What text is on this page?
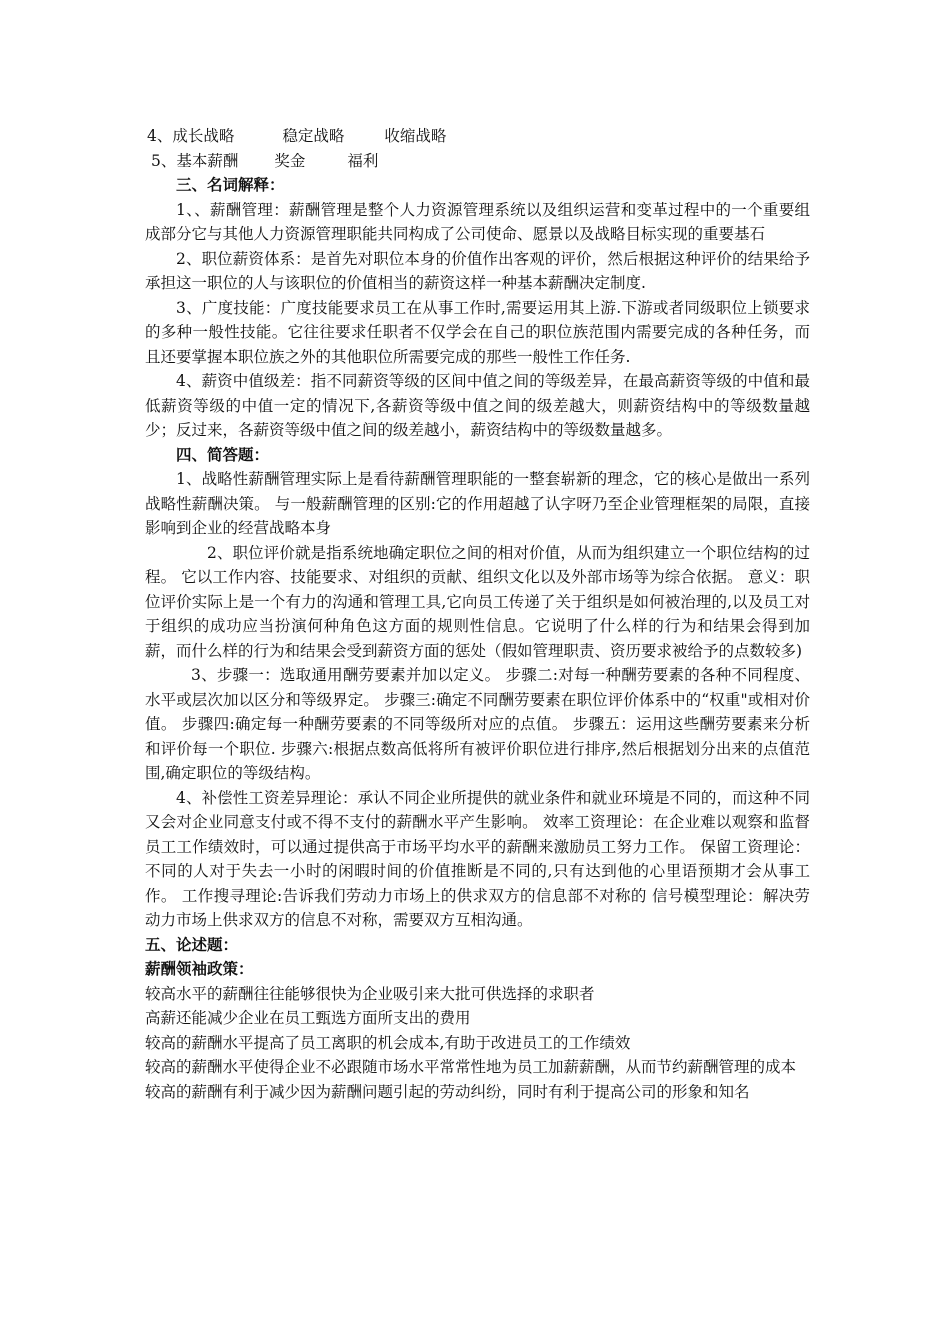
4、成长战略	稳定战略	收缩战略
5、基本薪酬 奖金	福利
三、名词解释：
1、、薪酬管理：薪酬管理是整个人力资源管理系统以及组织运营和变革过程中的一个重要组成部分它与其他人力资源管理职能共同构成了公司使命、愿景以及战略目标实现的重要基石
2、职位薪资体系：是首先对职位本身的价值作出客观的评价，然后根据这种评价的结果给予承担这一职位的人与该职位的价值相当的薪资这样一种基本薪酬决定制度.
3、广度技能：广度技能要求员工在从事工作时,需要运用其上游.下游或者同级职位上锁要求的多种一般性技能。它往往要求任职者不仅学会在自己的职位族范围内需要完成的各种任务，而且还要掌握本职位族之外的其他职位所需要完成的那些一般性工作任务.
4、薪资中值级差：指不同薪资等级的区间中值之间的等级差异，在最高薪资等级的中值和最低薪资等级的中值一定的情况下,各薪资等级中值之间的级差越大，则薪资结构中的等级数量越少；反过来，各薪资等级中值之间的级差越小，薪资结构中的等级数量越多。
四、简答题：
1、战略性薪酬管理实际上是看待薪酬管理职能的一整套崭新的理念，它的核心是做出一系列战略性薪酬决策。 与一般薪酬管理的区别:它的作用超越了认字呀乃至企业管理框架的局限，直接影响到企业的经营战略本身
2、职位评价就是指系统地确定职位之间的相对价值，从而为组织建立一个职位结构的过程。 它以工作内容、技能要求、对组织的贡献、组织文化以及外部市场等为综合依据。 意义：职位评价实际上是一个有力的沟通和管理工具,它向员工传递了关于组织是如何被治理的,以及员工对于组织的成功应当扮演何种角色这方面的规则性信息。它说明了什么样的行为和结果会得到加薪，而什么样的行为和结果会受到薪资方面的惩处（假如管理职责、资历要求被给予的点数较多)
3、步骤一：选取通用酬劳要素并加以定义。 步骤二:对每一种酬劳要素的各种不同程度、水平或层次加以区分和等级界定。 步骤三:确定不同酬劳要素在职位评价体系中的“权重"或相对价值。 步骤四:确定每一种酬劳要素的不同等级所对应的点值。 步骤五：运用这些酬劳要素来分析和评价每一个职位. 步骤六:根据点数高低将所有被评价职位进行排序,然后根据划分出来的点值范围,确定职位的等级结构。
4、补偿性工资差异理论：承认不同企业所提供的就业条件和就业环境是不同的，而这种不同又会对企业同意支付或不得不支付的薪酬水平产生影响。 效率工资理论：在企业难以观察和监督员工工作绩效时，可以通过提供高于市场平均水平的薪酬来激励员工努力工作。 保留工资理论：不同的人对于失去一小时的闲暇时间的价值推断是不同的,只有达到他的心里语预期才会从事工作。 工作搜寻理论:告诉我们劳动力市场上的供求双方的信息部不对称的 信号模型理论：解决劳动力市场上供求双方的信息不对称，需要双方互相沟通。
五、论述题：
薪酬领袖政策：
较高水平的薪酬往往能够很快为企业吸引来大批可供选择的求职者
高薪还能减少企业在员工甄选方面所支出的费用
较高的薪酬水平提高了员工离职的机会成本,有助于改进员工的工作绩效
较高的薪酬水平使得企业不必跟随市场水平常常性地为员工加薪薪酬，从而节约薪酬管理的成本
较高的薪酬有利于减少因为薪酬问题引起的劳动纠纷，同时有利于提高公司的形象和知名
